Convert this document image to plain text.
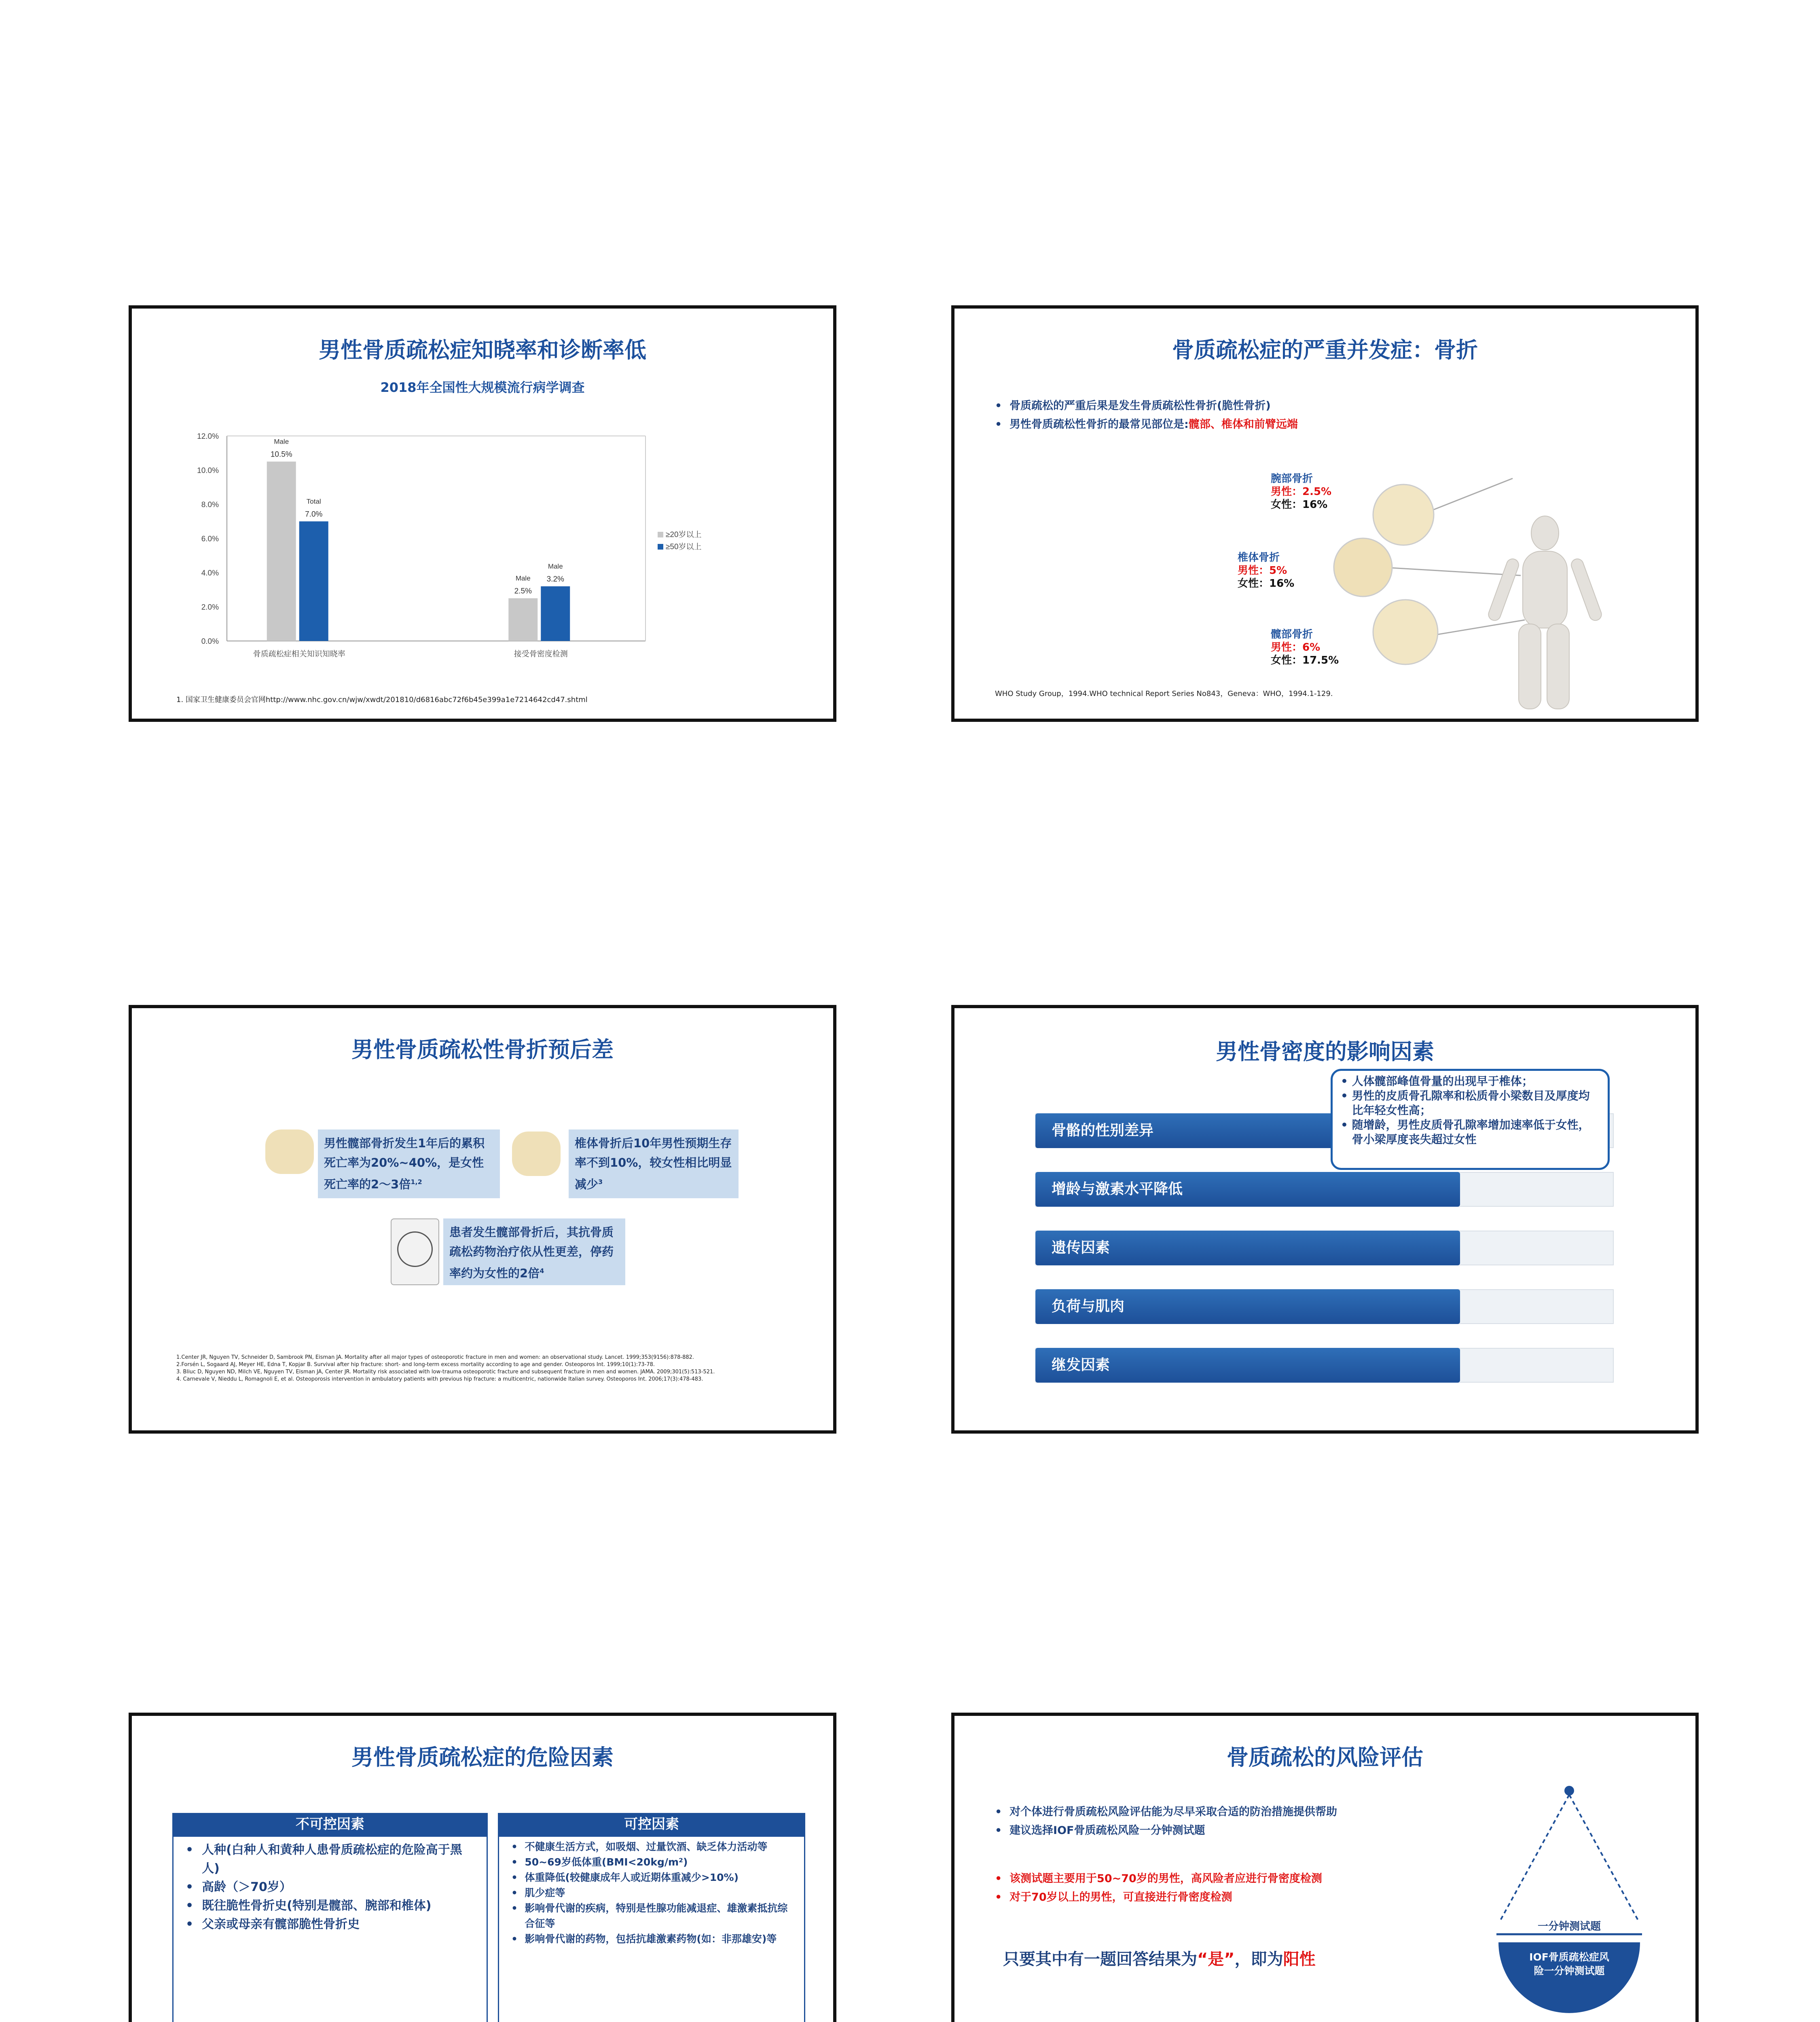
男性骨质疏松症知晓率和诊断率低
2018年全国性大规模流行病学调查
12.0%
10.0%
8.0%
6.0%
4.0%
2.0%
0.0%
10.5%
Male
7.0%
Total
骨质疏松症相关知识知晓率
2.5%
Male 3.2%
Male
接受骨密度检测
≥20岁以上
≥50岁以上
1. 国家卫生健康委员会官网http://www.nhc.gov.cn/wjw/xwdt/201810/d6816abc72f6b45e399a1e7214642cd47.shtml
骨质疏松症的严重并发症：骨折
•  骨质疏松的严重后果是发生骨质疏松性骨折(脆性骨折)
•  男性骨质疏松性骨折的最常见部位是:髋部、椎体和前臂远端
腕部骨折
男性：2.5%
女性：16%
椎体骨折
男性：5%
女性：16%
髋部骨折
男性：6%
女性：17.5%
WHO Study Group，1994.WHO technical Report Series No843，Geneva：WHO，1994.1-129.
男性骨质疏松性骨折预后差
男性髋部骨折发生1年后的累积死亡率为20%~40%，是女性死亡率的2～3倍$^{1,2}$
椎体骨折后10年男性预期生存率不到10%，较女性相比明显减少$^3$
患者发生髋部骨折后，其抗骨质疏松药物治疗依从性更差，停药率约为女性的2倍$^4$
1.Center JR, Nguyen TV, Schneider D, Sambrook PN, Eisman JA. Mortality after all major types of osteoporotic fracture in men and women: an observational study. Lancet. 1999;353(9156):878-882.
2.Forsén L, Sogaard AJ, Meyer HE, Edna T, Kopjar B. Survival after hip fracture: short- and long-term excess mortality according to age and gender. Osteoporos Int. 1999;10(1):73-78.
3. Bliuc D, Nguyen ND, Milch VE, Nguyen TV, Eisman JA, Center JR. Mortality risk associated with low-trauma osteoporotic fracture and subsequent fracture in men and women. JAMA. 2009;301(5):513-521.
4. Carnevale V, Nieddu L, Romagnoli E, et al. Osteoporosis intervention in ambulatory patients with previous hip fracture: a multicentric, nationwide Italian survey. Osteoporos Int. 2006;17(3):478-483.
男性骨密度的影响因素
骨骼的性别差异
增龄与激素水平降低
遗传因素
负荷与肌肉
继发因素
• 人体髋部峰值骨量的出现早于椎体；
• 男性的皮质骨孔隙率和松质骨小梁数目及厚度均比年轻女性高；
• 随增龄，男性皮质骨孔隙率增加速率低于女性，骨小梁厚度丧失超过女性
男性骨质疏松症的危险因素
不可控因素
• 人种(白种人和黄种人患骨质疏松症的危险高于黑人)
• 高龄（＞70岁）
• 既往脆性骨折史(特别是髋部、腕部和椎体)
• 父亲或母亲有髋部脆性骨折史
可控因素
• 不健康生活方式，如吸烟、过量饮酒、缺乏体力活动等
• 50~69岁低体重(BMI<20kg/m²)
• 体重降低(较健康成年人或近期体重减少>10%)
• 肌少症等
• 影响骨代谢的疾病，特别是性腺功能减退症、雄激素抵抗综合征等
• 影响骨代谢的药物，包括抗雄激素药物(如：非那雄安)等
骨质疏松的风险评估
•  对个体进行骨质疏松风险评估能为尽早采取合适的防治措施提供帮助
•  建议选择IOF骨质疏松风险一分钟测试题
•  该测试题主要用于50~70岁的男性，高风险者应进行骨密度检测
•  对于70岁以上的男性，可直接进行骨密度检测
只要其中有一题回答结果为“是”，即为阳性
一分钟测试题
IOF骨质疏松症风险一分钟测试题
